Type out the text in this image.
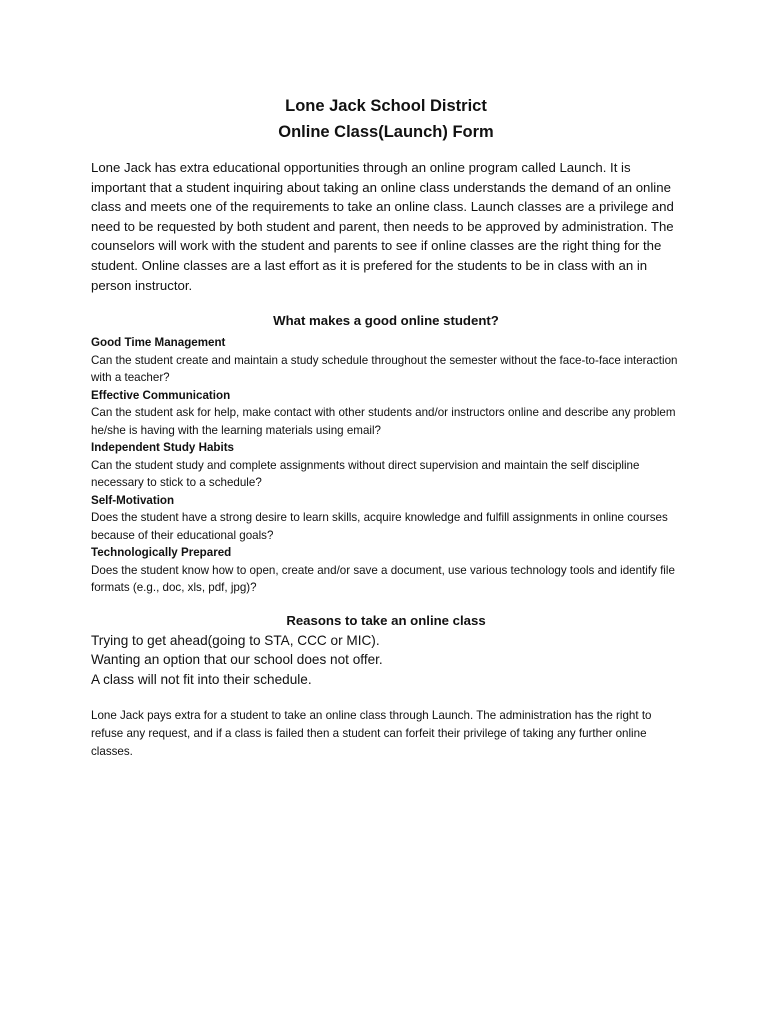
Lone Jack School District

Online Class(Launch) Form

Lone Jack has extra educational opportunities through an online program called Launch. It is important that a student inquiring about taking an online class understands the demand of an online class and meets one of the requirements to take an online class. Launch classes are a privilege and need to be requested by both student and parent, then needs to be approved by administration. The counselors will work with the student and parents to see if online classes are the right thing for the student. Online classes are a last effort as it is prefered for the students to be in class with an in person instructor.

What makes a good online student?

Good Time Management

Can the student create and maintain a study schedule throughout the semester without the face-to-face interaction with a teacher?

Effective Communication

Can the student ask for help, make contact with other students and/or instructors online and describe any problem he/she is having with the learning materials using email?

Independent Study Habits

Can the student study and complete assignments without direct supervision and maintain the self discipline necessary to stick to a schedule?

Self-Motivation

Does the student have a strong desire to learn skills, acquire knowledge and fulfill assignments in online courses because of their educational goals?

Technologically Prepared

Does the student know how to open, create and/or save a document, use various technology tools and identify file formats (e.g., doc, xls, pdf, jpg)?

Reasons to take an online class

Trying to get ahead(going to STA, CCC or MIC).

Wanting an option that our school does not offer.

A class will not fit into their schedule.

Lone Jack pays extra for a student to take an online class through Launch. The administration has the right to refuse any request, and if a class is failed then a student can forfeit their privilege of taking any further online classes.
